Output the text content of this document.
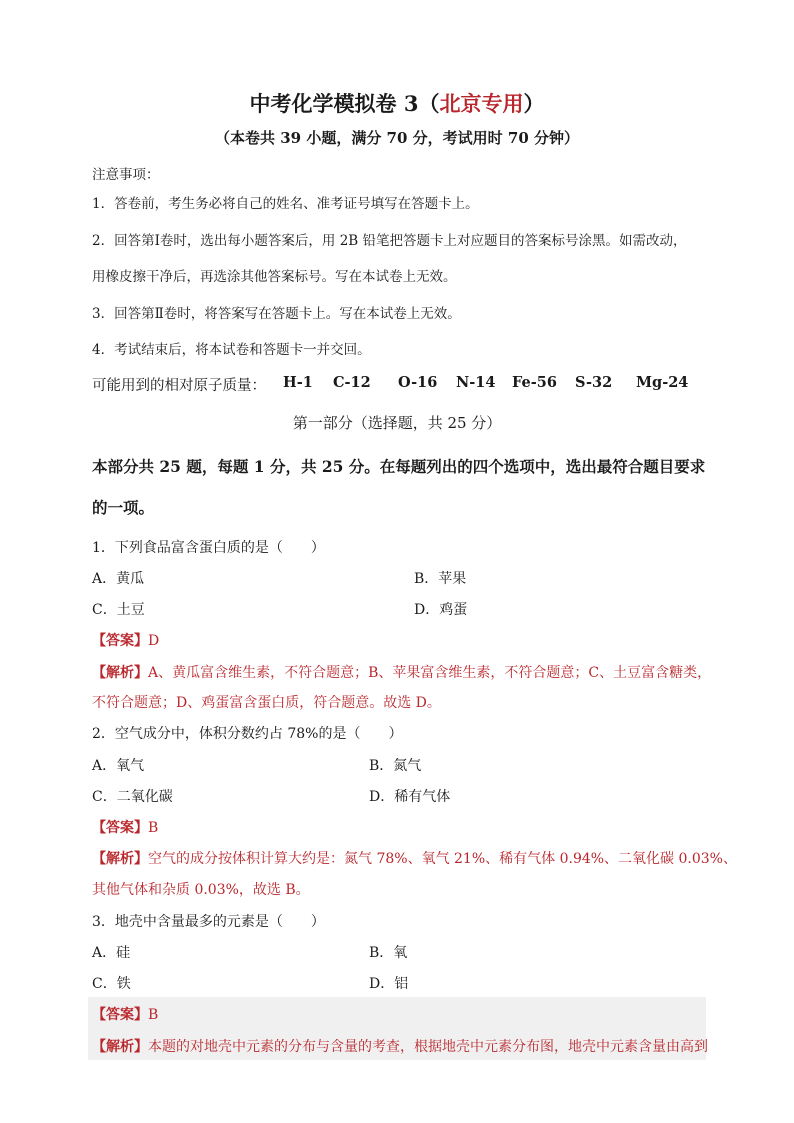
中考化学模拟卷 3（北京专用）
（本卷共 39 小题，满分 70 分，考试用时 70 分钟）
注意事项：
1．答卷前，考生务必将自己的姓名、准考证号填写在答题卡上。
2．回答第Ⅰ卷时，选出每小题答案后，用 2B 铅笔把答题卡上对应题目的答案标号涂黑。如需改动，
用橡皮擦干净后，再选涂其他答案标号。写在本试卷上无效。
3．回答第Ⅱ卷时，将答案写在答题卡上。写在本试卷上无效。
4．考试结束后，将本试卷和答题卡一并交回。
可能用到的相对原子质量： H-1 C-12 O-16 N-14 Fe-56 S-32 Mg-24
第一部分（选择题，共 25 分）
本部分共 25 题，每题 1 分，共 25 分。在每题列出的四个选项中，选出最符合题目要求
的一项。
1．下列食品富含蛋白质的是（　　）
A．黄瓜	B．苹果
C．土豆	D．鸡蛋
【答案】D
【解析】A、黄瓜富含维生素，不符合题意；B、苹果富含维生素，不符合题意；C、土豆富含糖类，
不符合题意；D、鸡蛋富含蛋白质，符合题意。故选 D。
2．空气成分中，体积分数约占 78%的是（　　）
A．氧气	B．氮气
C．二氧化碳	D．稀有气体
【答案】B
【解析】空气的成分按体积计算大约是：氮气 78%、氧气 21%、稀有气体 0.94%、二氧化碳 0.03%、
其他气体和杂质 0.03%，故选 B。
3．地壳中含量最多的元素是（　　）
A．硅	B．氧
C．铁	D．铝
【答案】B
【解析】本题的对地壳中元素的分布与含量的考查，根据地壳中元素分布图，地壳中元素含量由高到
